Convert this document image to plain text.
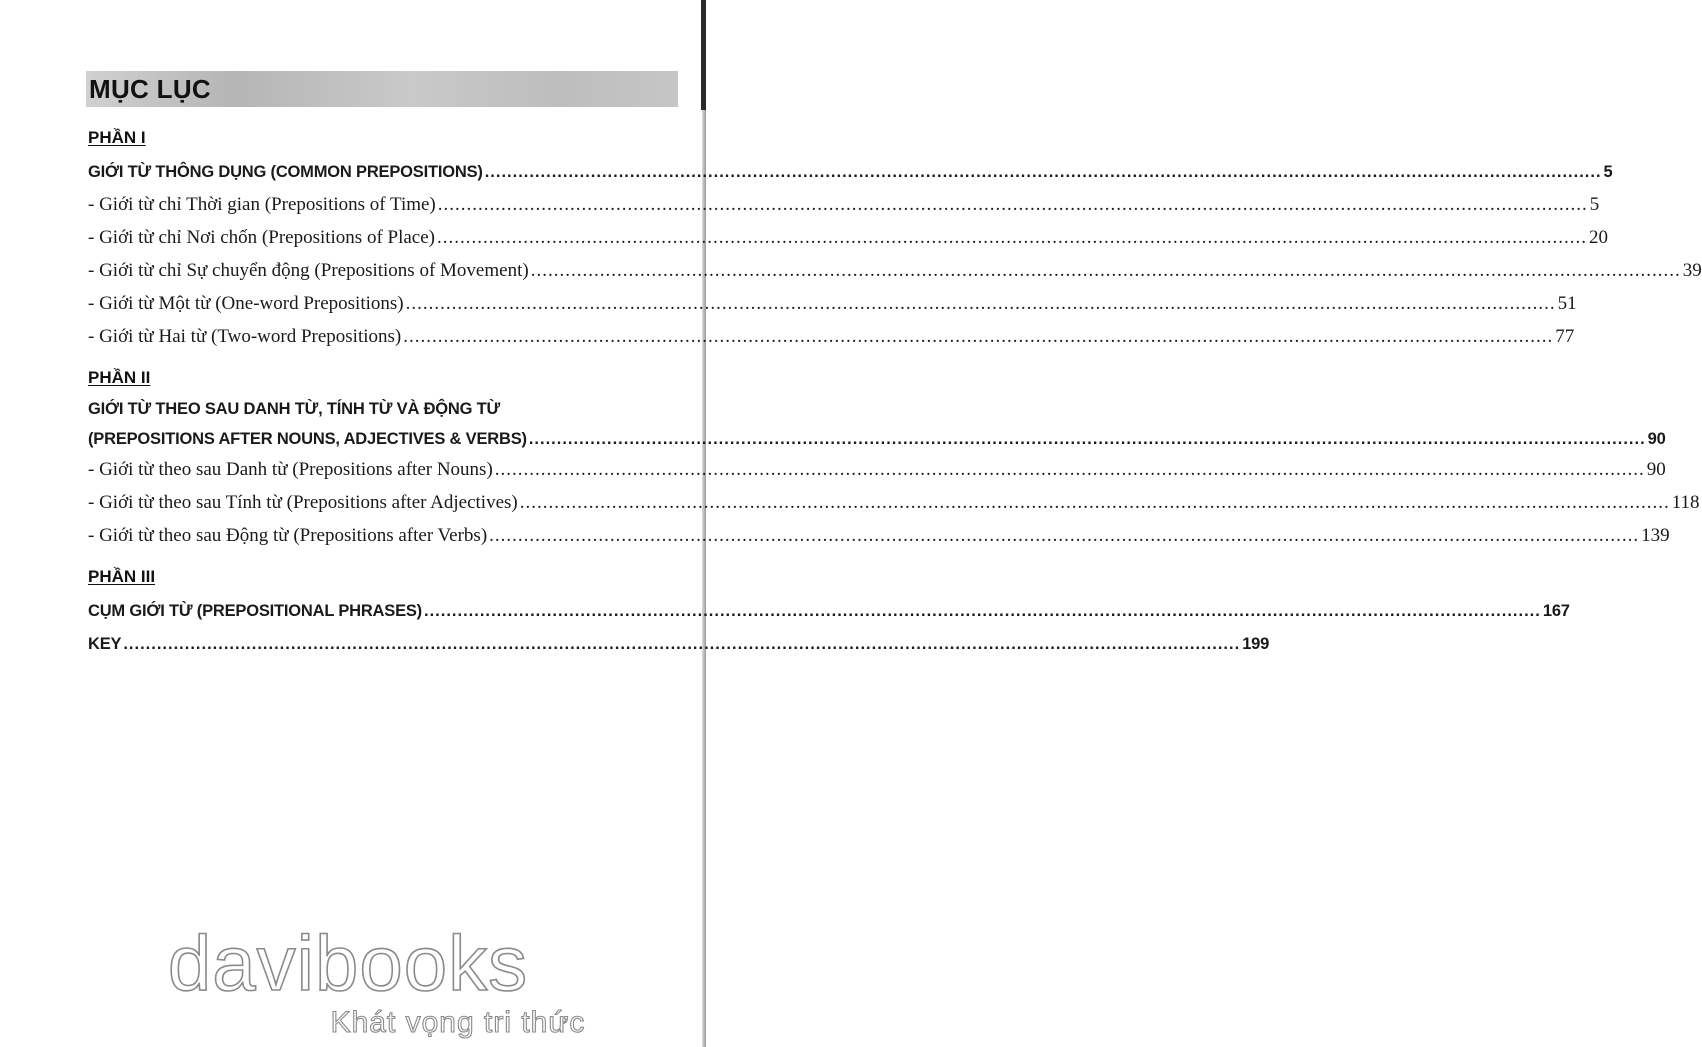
MỤC LỤC
PHẦN I
GIỚI TỪ THÔNG DỤNG (COMMON PREPOSITIONS) .....	5
- Giới từ chỉ Thời gian (Prepositions of Time) .....	5
- Giới từ chỉ Nơi chốn (Prepositions of Place) .....	20
- Giới từ chỉ Sự chuyển động (Prepositions of Movement) .....	39
- Giới từ Một từ (One-word Prepositions) .....	51
- Giới từ Hai từ (Two-word Prepositions) .....	77
PHẦN II
GIỚI TỪ THEO SAU DANH TỪ, TÍNH TỪ VÀ ĐỘNG TỪ
(PREPOSITIONS AFTER NOUNS, ADJECTIVES & VERBS) .....	90
- Giới từ theo sau Danh từ (Prepositions after Nouns) .....	90
- Giới từ theo sau Tính từ (Prepositions after Adjectives) .....	118
- Giới từ theo sau Động từ (Prepositions after Verbs) .....	139
PHẦN III
CỤM GIỚI TỪ (PREPOSITIONAL PHRASES) .....	167
KEY .....	199
davibooks
Khát vọng tri thức
